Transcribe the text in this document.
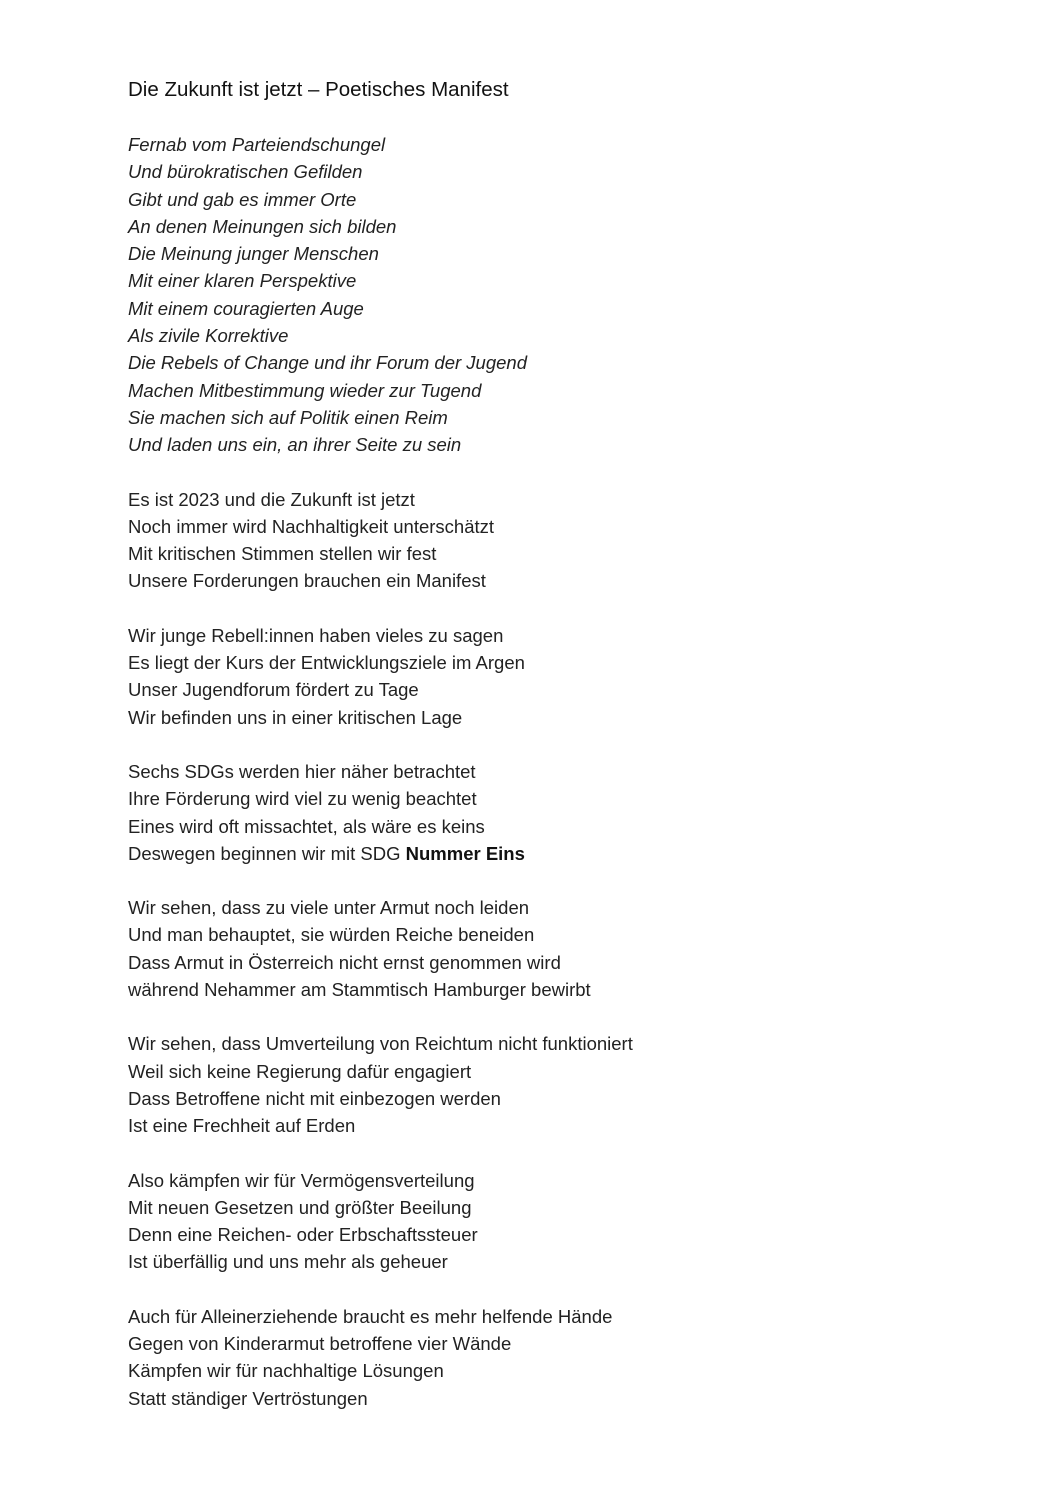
Die Zukunft ist jetzt – Poetisches Manifest
Fernab vom Parteiendschungel
Und bürokratischen Gefilden
Gibt und gab es immer Orte
An denen Meinungen sich bilden
Die Meinung junger Menschen
Mit einer klaren Perspektive
Mit einem couragierten Auge
Als zivile Korrektive
Die Rebels of Change und ihr Forum der Jugend
Machen Mitbestimmung wieder zur Tugend
Sie machen sich auf Politik einen Reim
Und laden uns ein, an ihrer Seite zu sein
Es ist 2023 und die Zukunft ist jetzt
Noch immer wird Nachhaltigkeit unterschätzt
Mit kritischen Stimmen stellen wir fest
Unsere Forderungen brauchen ein Manifest
Wir junge Rebell:innen haben vieles zu sagen
Es liegt der Kurs der Entwicklungsziele im Argen
Unser Jugendforum fördert zu Tage
Wir befinden uns in einer kritischen Lage
Sechs SDGs werden hier näher betrachtet
Ihre Förderung wird viel zu wenig beachtet
Eines wird oft missachtet, als wäre es keins
Deswegen beginnen wir mit SDG Nummer Eins
Wir sehen, dass zu viele unter Armut noch leiden
Und man behauptet, sie würden Reiche beneiden
Dass Armut in Österreich nicht ernst genommen wird
während Nehammer am Stammtisch Hamburger bewirbt
Wir sehen, dass Umverteilung von Reichtum nicht funktioniert
Weil sich keine Regierung dafür engagiert
Dass Betroffene nicht mit einbezogen werden
Ist eine Frechheit auf Erden
Also kämpfen wir für Vermögensverteilung
Mit neuen Gesetzen und größter Beeilung
Denn eine Reichen- oder Erbschaftssteuer
Ist überfällig und uns mehr als geheuer
Auch für Alleinerziehende braucht es mehr helfende Hände
Gegen von Kinderarmut betroffene vier Wände
Kämpfen wir für nachhaltige Lösungen
Statt ständiger Vertröstungen
